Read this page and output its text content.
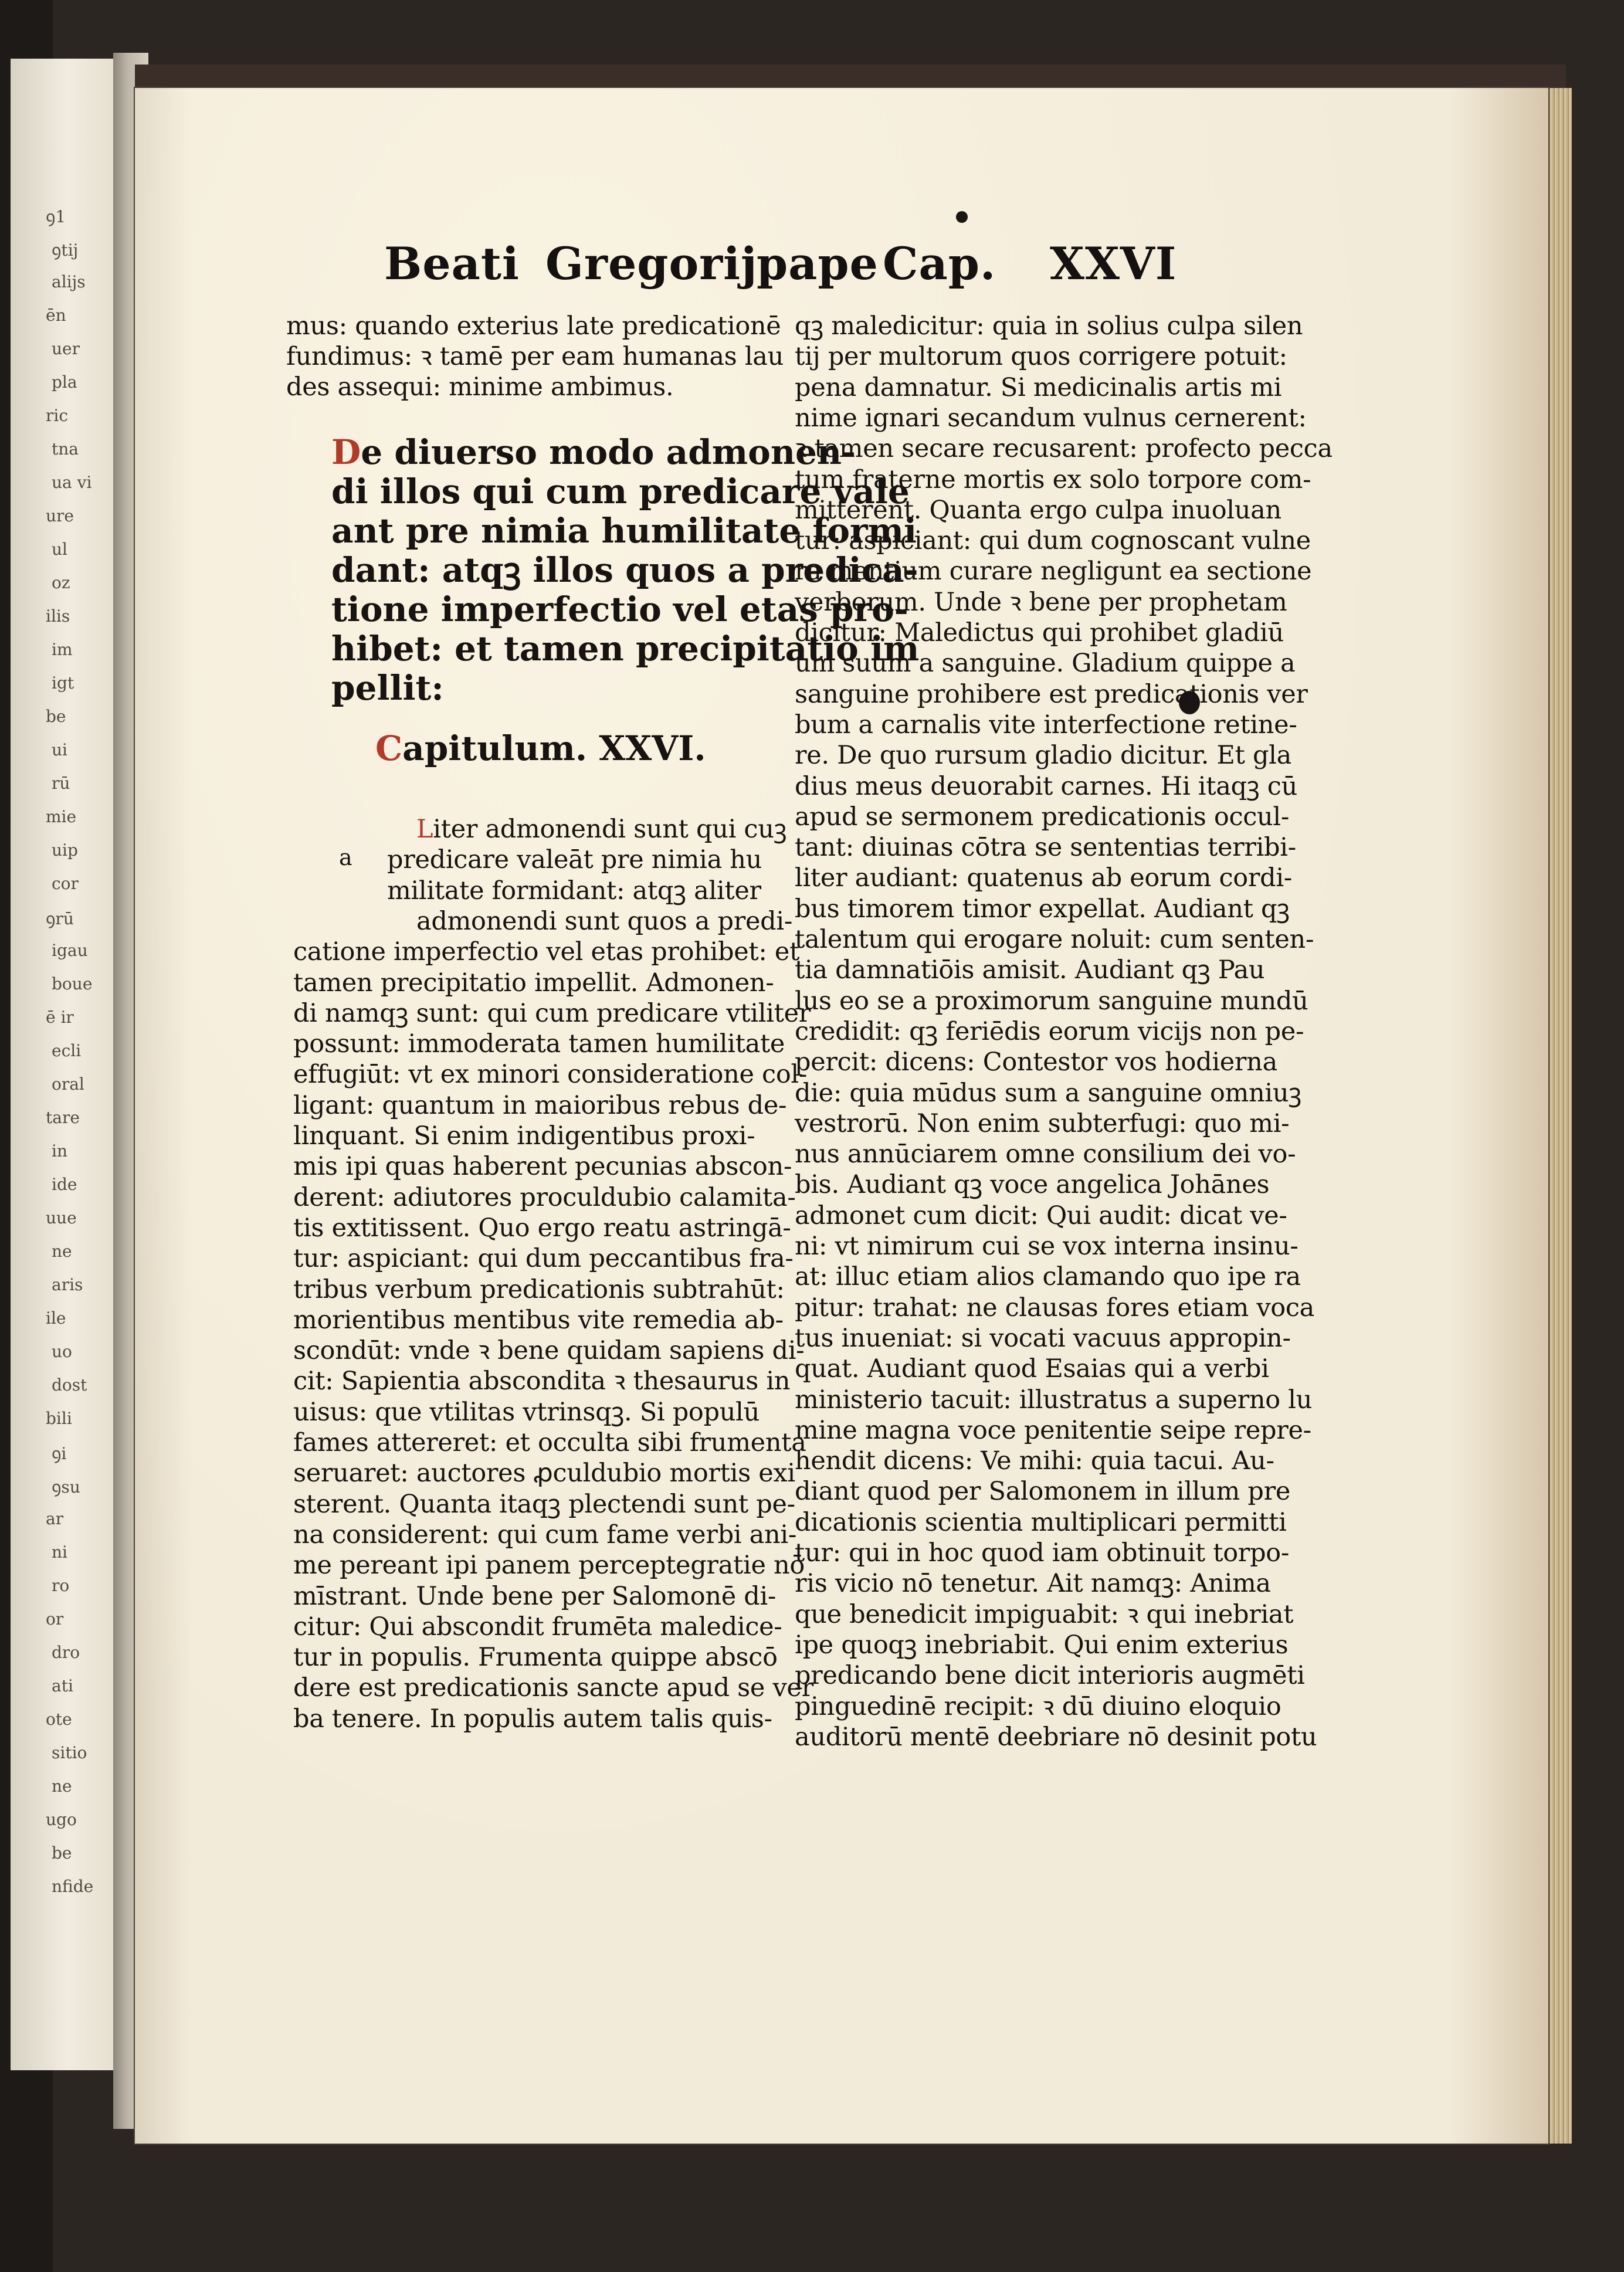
ꝯ1
ꝯtij
alijs
ēn
uer
pla
ric
tna
ua vi
ure
ul
oz
ilis
im
igt
be
ui
rū
mie
uip
cor
ꝯrū
igau
boue
ē ir
ecli
oral
tare
in
ide
uue
ne
aris
ile
uo
dost
bili
ꝯi
ꝯsu
ar
ni
ro
or
dro
ati
ote
sitio
ne
ugo
be
nfide
Beati Gregorij
pape Cap. XXVI
mus: quando exterius late predicationē
fundimus: ꝛ tamē per eam humanas lau
des assequi: minime ambimus.
De diuerso modo admonen-
di illos qui cum predicare vale
ant pre nimia humilitate formi
dant: atqꝫ illos quos a predica-
tione imperfectio vel etas pro-
hibet: et tamen precipitatio im
pellit:
Capitulum. XXVI.
a
Liter admonendi sunt qui cuꝫ
predicare valeāt pre nimia hu
militate formidant: atqꝫ aliter
admonendi sunt quos a predi-
catione imperfectio vel etas prohibet: et
tamen precipitatio impellit. Admonen-
di namqꝫ sunt: qui cum predicare vtiliter
possunt: immoderata tamen humilitate
effugiūt: vt ex minori consideratione col-
ligant: quantum in maioribus rebus de-
linquant. Si enim indigentibus proxi-
mis ipi quas haberent pecunias abscon-
derent: adiutores proculdubio calamita-
tis extitissent. Quo ergo reatu astringā-
tur: aspiciant: qui dum peccantibus fra-
tribus verbum predicationis subtrahūt:
morientibus mentibus vite remedia ab-
scondūt: vnde ꝛ bene quidam sapiens di-
cit: Sapientia abscondita ꝛ thesaurus in
uisus: que vtilitas vtrinsqꝫ. Si populū
fames attereret: et occulta sibi frumenta
seruaret: auctores ꝓculdubio mortis exi
sterent. Quanta itaqꝫ plectendi sunt pe-
na considerent: qui cum fame verbi ani-
me pereant ipi panem perceptegratie nō
mīstrant. Unde bene per Salomonē di-
citur: Qui abscondit frumēta maledice-
tur in populis. Frumenta quippe abscō
dere est predicationis sancte apud se ver
ba tenere. In populis autem talis quis-
qꝫ maledicitur: quia in solius culpa silen
tij per multorum quos corrigere potuit:
pena damnatur. Si medicinalis artis mi
nime ignari secandum vulnus cernerent:
ꝛ tamen secare recusarent: profecto pecca
tum fraterne mortis ex solo torpore com-
mitterent. Quanta ergo culpa inuoluan
tur: aspiciant: qui dum cognoscant vulne
ra mentium curare negligunt ea sectione
verborum. Unde ꝛ bene per prophetam
dicitur: Maledictus qui prohibet gladiū
um suum a sanguine. Gladium quippe a
sanguine prohibere est predicationis ver
bum a carnalis vite interfectione retine-
re. De quo rursum gladio dicitur. Et gla
dius meus deuorabit carnes. Hi itaqꝫ cū
apud se sermonem predicationis occul-
tant: diuinas cōtra se sententias terribi-
liter audiant: quatenus ab eorum cordi-
bus timorem timor expellat. Audiant qꝫ
talentum qui erogare noluit: cum senten-
tia damnatiōis amisit. Audiant qꝫ Pau
lus eo se a proximorum sanguine mundū
credidit: qꝫ feriēdis eorum vicijs non pe-
percit: dicens: Contestor vos hodierna
die: quia mūdus sum a sanguine omniuꝫ
vestrorū. Non enim subterfugi: quo mi-
nus annūciarem omne consilium dei vo-
bis. Audiant qꝫ voce angelica Johānes
admonet cum dicit: Qui audit: dicat ve-
ni: vt nimirum cui se vox interna insinu-
at: illuc etiam alios clamando quo ipe ra
pitur: trahat: ne clausas fores etiam voca
tus inueniat: si vocati vacuus appropin-
quat. Audiant quod Esaias qui a verbi
ministerio tacuit: illustratus a superno lu
mine magna voce penitentie seipe repre-
hendit dicens: Ve mihi: quia tacui. Au-
diant quod per Salomonem in illum pre
dicationis scientia multiplicari permitti
tur: qui in hoc quod iam obtinuit torpo-
ris vicio nō tenetur. Ait namqꝫ: Anima
que benedicit impiguabit: ꝛ qui inebriat
ipe quoqꝫ inebriabit. Qui enim exterius
predicando bene dicit interioris augmēti
pinguedinē recipit: ꝛ dū diuino eloquio
auditorū mentē deebriare nō desinit potu
